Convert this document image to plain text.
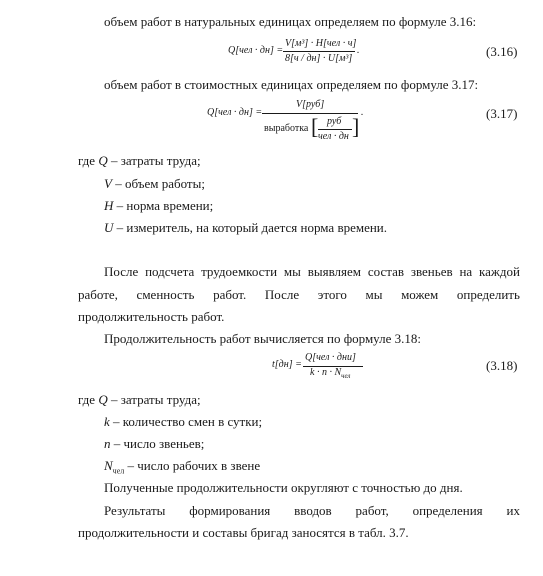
объем работ в натуральных единицах определяем по формуле 3.16:
Q[чел · дн] =
V[м³] · H[чел · ч]
8[ч / дн] · U[м³]
.	(3.16)
объем работ в стоимостных единицах определяем по формуле 3.17:
Q[чел · дн] =
V[руб]
выработка [ руб
чел · дн ]
.	(3.17)
где Q – затраты труда;
V – объем работы;
H – норма времени;
U – измеритель, на который дается норма времени.
После подсчета трудоемкости мы выявляем состав звеньев на каждой
работе, сменность работ. После этого мы можем определить
продолжительность работ.
Продолжительность работ вычисляется по формуле 3.18:
t[дн] =
Q[чел · дни]
$k \cdot n \cdot N_{чел}$
(3.18)
где Q – затраты труда;
k – количество смен в сутки;
n – число звеньев;
$N_{чел}$ – число рабочих в звене
Полученные продолжительности округляют с точностью до дня.
Результаты формирования вводов работ, определения их
продолжительности и составы бригад заносятся в табл. 3.7.
